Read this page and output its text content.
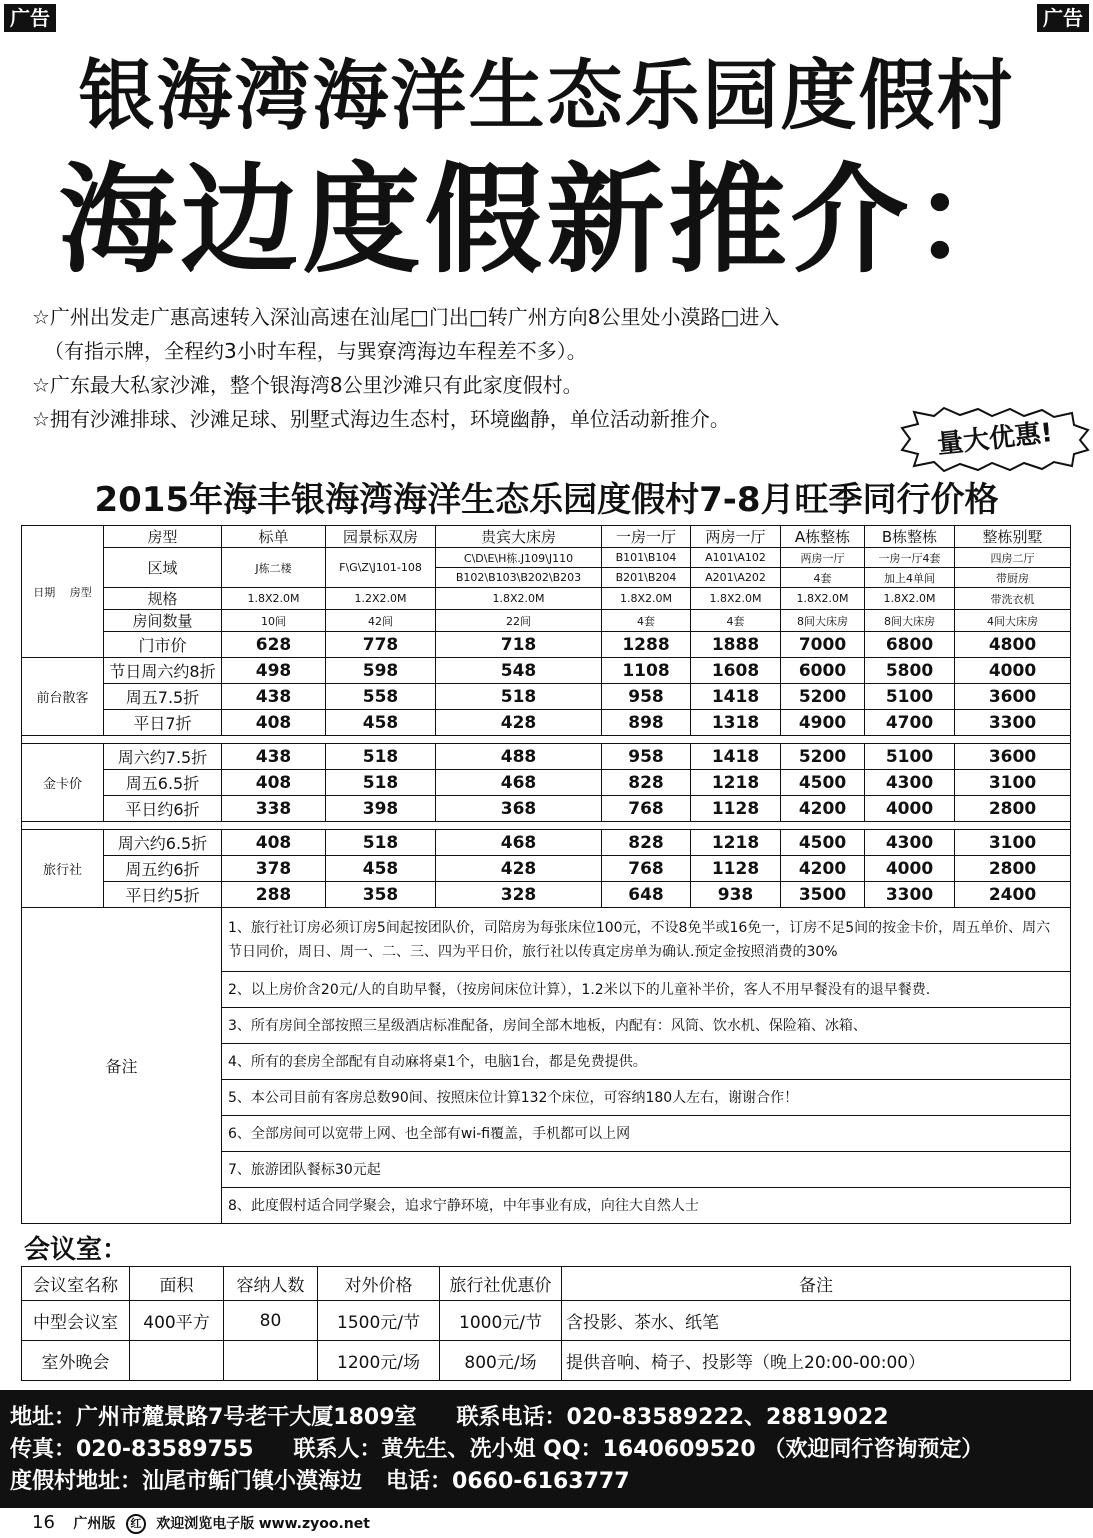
广告	广告
银海湾海洋生态乐园度假村
海边度假新推介：
☆广州出发走广惠高速转入深汕高速在汕尾□门出□转广州方向8公里处小漠路□进入
（有指示牌，全程约3小时车程，与巽寮湾海边车程差不多）。
☆广东最大私家沙滩，整个银海湾8公里沙滩只有此家度假村。
☆拥有沙滩排球、沙滩足球、别墅式海边生态村，环境幽静，单位活动新推介。	量大优惠!
2015年海丰银海湾海洋生态乐园度假村7-8月旺季同行价格
日期　 房型	房型	标单	园景标双房	贵宾大床房	一房一厅	两房一厅	A栋整栋	B栋整栋	整栋别墅
	区域	J栋二楼	F\G\Z\J101-108	C\D\E\H栋.J109\J110	B101\B104	A101\A102	两房一厅	一房一厅4套	四房二厅
				B102\B103\B202\B203	B201\B204	A201\A202	4套	加上4单间	带厨房
	规格	1.8X2.0M	1.2X2.0M	1.8X2.0M	1.8X2.0M	1.8X2.0M	1.8X2.0M	1.8X2.0M	带洗衣机
	房间数量	10间	42间	22间	4套	4套	8间大床房	8间大床房	4间大床房
	门市价	628	778	718	1288	1888	7000	6800	4800
前台散客	节日周六约8折	498	598	548	1108	1608	6000	5800	4000
	周五7.5折	438	558	518	958	1418	5200	5100	3600
	平日7折	408	458	428	898	1318	4900	4700	3300

金卡价	周六约7.5折	438	518	488	958	1418	5200	5100	3600
	周五6.5折	408	518	468	828	1218	4500	4300	3100
	平日约6折	338	398	368	768	1128	4200	4000	2800

旅行社	周六约6.5折	408	518	468	828	1218	4500	4300	3100
	周五约6折	378	458	428	768	1128	4200	4000	2800
	平日约5折	288	358	328	648	938	3500	3300	2400
备注		1、旅行社订房必须订房5间起按团队价，司陪房为每张床位100元，不设8免半或16免一，订房不足5间的按金卡价，周五单价、周六节日同价，周日、周一、二、三、四为平日价，旅行社以传真定房单为确认.预定金按照消费的30%							
		2、以上房价含20元/人的自助早餐，（按房间床位计算），1.2米以下的儿童补半价，客人不用早餐没有的退早餐费.							
		3、所有房间全部按照三星级酒店标准配备，房间全部木地板，内配有：风筒、饮水机、保险箱、冰箱、							
		4、所有的套房全部配有自动麻将桌1个，电脑1台，都是免费提供。							
		5、本公司目前有客房总数90间、按照床位计算132个床位，可容纳180人左右，谢谢合作！							
		6、全部房间可以宽带上网、也全部有wi-fi覆盖，手机都可以上网							
		7、旅游团队餐标30元起							
		8、此度假村适合同学聚会，追求宁静环境，中年事业有成，向往大自然人士							
会议室：
会议室名称	面积	容纳人数	对外价格	旅行社优惠价	备注
中型会议室	400平方	80	1500元/节	1000元/节	含投影、茶水、纸笔
室外晚会			1200元/场	800元/场	提供音响、椅子、投影等（晚上20:00-00:00）
地址：广州市麓景路7号老干大厦1809室 联系电话：020-83589222、28819022
传真：020-83589755 联系人：黄先生、冼小姐 QQ：1640609520 （欢迎同行咨询预定）
度假村地址：汕尾市鲘门镇小漠海边 电话：0660-6163777
16 广州版 红 欢迎浏览电子版 www.zyoo.net
